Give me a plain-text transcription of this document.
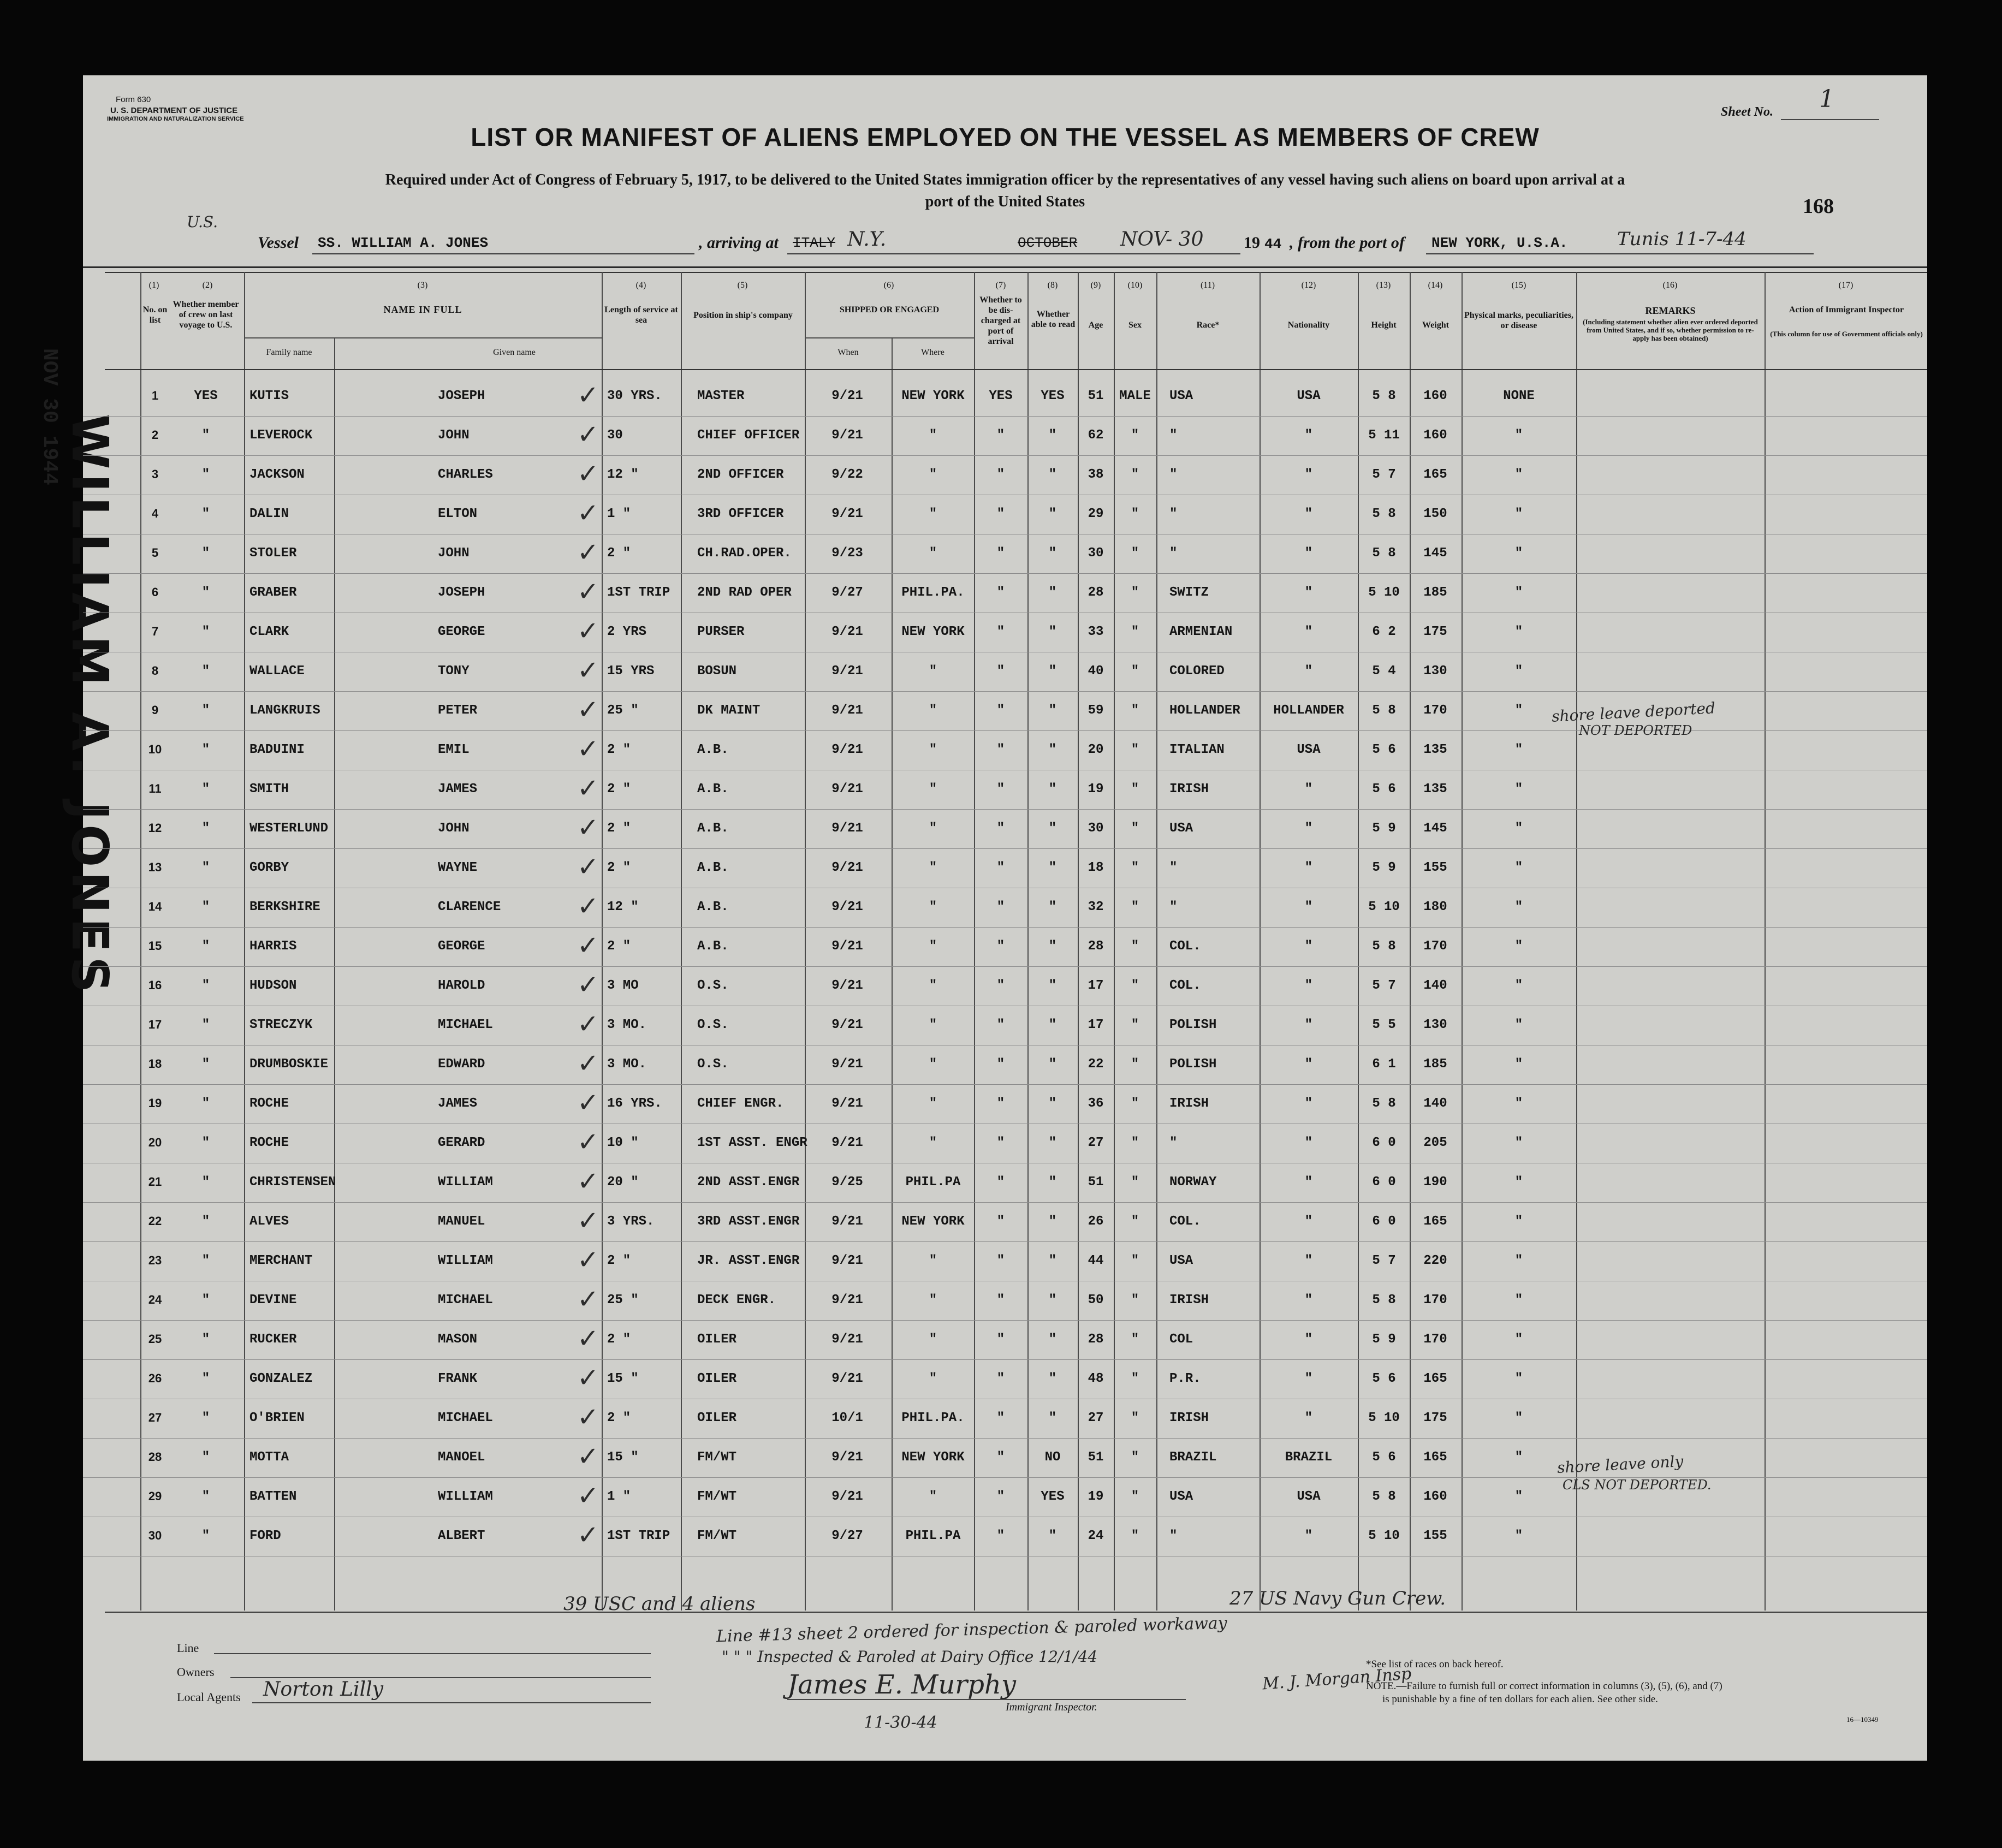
Form 630
U. S. DEPARTMENT OF JUSTICE
IMMIGRATION AND NATURALIZATION SERVICE	Sheet No. 1
LIST OR MANIFEST OF ALIENS EMPLOYED ON THE VESSEL AS MEMBERS OF CREW
Required under Act of Congress of February 5, 1917, to be delivered to the United States immigration officer by the representatives of any vessel having such aliens on board upon arrival at a
port of the United States	168
NOV 30 1944 WILLIAM A. JONES
U.S.
Vessel SS. WILLIAM A. JONES	, arriving at ITALY N.Y.	OCTOBER NOV- 30 19 44 , from the port of NEW YORK, U.S.A.	Tunis 11-7-44
(1)	(2)	(3)	(4)	(5)	(6)	(7)	(8)	(9)	(10)	(11)	(12)	(13)	(14)	(15)	(16)	(17)
No. on list
Whether member of crew on last voyage to U.S.
NAME IN FULL
Family name	Given name
Length of service at sea
Position in ship's company
SHIPPED OR ENGAGED
When	Where
Whether to be dis-charged at port of arrival
Whether able to read	Age	Sex	Race*	Nationality	Height	Weight
Physical marks, peculiarities, or disease
REMARKS
(Including statement whether alien ever ordered deported from United States, and if so, whether permission to re-apply has been obtained)
Action of Immigrant Inspector
(This column for use of Government officials only)
1	YES	KUTIS	JOSEPH	30 YRS.	MASTER	9/21	NEW YORK	YES	YES	51	MALE	USA	USA	5 8	160	NONE
✓
2	"	LEVEROCK	JOHN	30	CHIEF OFFICER	9/21	"	"	"	62	"	"	"	5 11	160	"
✓
3	"	JACKSON	CHARLES	12 "	2ND OFFICER	9/22	"	"	"	38	"	"	"	5 7	165	"
✓
4	"	DALIN	ELTON	1 "	3RD OFFICER	9/21	"	"	"	29	"	"	"	5 8	150	"
✓
5	"	STOLER	JOHN	2 "	CH.RAD.OPER.	9/23	"	"	"	30	"	"	"	5 8	145	"
✓
6	"	GRABER	JOSEPH	1ST TRIP 2ND RAD OPER	9/27	PHIL.PA.	"	"	28	"	SWITZ	"	5 10	185	"
✓
7	"	CLARK	GEORGE	2 YRS	PURSER	9/21	NEW YORK	"	"	33	"	ARMENIAN	"	6 2	175	"
✓
8	"	WALLACE	TONY	15 YRS	BOSUN	9/21	"	"	"	40	"	COLORED	"	5 4	130	"
✓
9	"	LANGKRUIS	PETER	25 "	DK MAINT	9/21	"	"	"	59	"	HOLLANDER	HOLLANDER	5 8	170	"
✓
10	"	BADUINI	EMIL	2 "	A.B.	9/21	"	"	"	20	"	ITALIAN	USA	5 6	135	"
✓
11	"	SMITH	JAMES	2 "	A.B.	9/21	"	"	"	19	"	IRISH	"	5 6	135	"
✓
12	"	WESTERLUND	JOHN	2 "	A.B.	9/21	"	"	"	30	"	USA	"	5 9	145	"
✓
13	"	GORBY	WAYNE	2 "	A.B.	9/21	"	"	"	18	"	"	"	5 9	155	"
✓
14	"	BERKSHIRE	CLARENCE	12 "	A.B.	9/21	"	"	"	32	"	"	"	5 10	180	"
✓
15	"	HARRIS	GEORGE	2 "	A.B.	9/21	"	"	"	28	"	COL.	"	5 8	170	"
✓
16	"	HUDSON	HAROLD	3 MO	O.S.	9/21	"	"	"	17	"	COL.	"	5 7	140	"
✓
17	"	STRECZYK	MICHAEL	3 MO.	O.S.	9/21	"	"	"	17	"	POLISH	"	5 5	130	"
✓
18	"	DRUMBOSKIE	EDWARD	3 MO.	O.S.	9/21	"	"	"	22	"	POLISH	"	6 1	185	"
✓
19	"	ROCHE	JAMES	16 YRS.	CHIEF ENGR.	9/21	"	"	"	36	"	IRISH	"	5 8	140	"
✓
20	"	ROCHE	GERARD	10 "	1ST ASST. ENGR	9/21	"	"	"	27	"	"	"	6 0	205	"
✓
21	"	CHRISTENSEN	WILLIAM	20 "	2ND ASST.ENGR	9/25	PHIL.PA	"	"	51	"	NORWAY	"	6 0	190	"
✓
22	"	ALVES	MANUEL	3 YRS.	3RD ASST.ENGR	9/21	NEW YORK	"	"	26	"	COL.	"	6 0	165	"
✓
23	"	MERCHANT	WILLIAM	2 "	JR. ASST.ENGR	9/21	"	"	"	44	"	USA	"	5 7	220	"
✓
24	"	DEVINE	MICHAEL	25 "	DECK ENGR.	9/21	"	"	"	50	"	IRISH	"	5 8	170	"
✓
25	"	RUCKER	MASON	2 "	OILER	9/21	"	"	"	28	"	COL	"	5 9	170	"
✓
26	"	GONZALEZ	FRANK	15 "	OILER	9/21	"	"	"	48	"	P.R.	"	5 6	165	"
✓
27	"	O'BRIEN	MICHAEL	2 "	OILER	10/1	PHIL.PA.	"	"	27	"	IRISH	"	5 10	175	"
✓
28	"	MOTTA	MANOEL	15 "	FM/WT	9/21	NEW YORK	"	NO	51	"	BRAZIL	BRAZIL	5 6	165	"
✓
29	"	BATTEN	WILLIAM	1 "	FM/WT	9/21	"	"	YES	19	"	USA	USA	5 8	160	"
✓
30	"	FORD	ALBERT	1ST TRIP FM/WT	9/27	PHIL.PA	"	"	24	"	"	"	5 10	155	"
✓
shore leave deported
NOT DEPORTED
shore leave only
CLS NOT DEPORTED.
39 USC and 4 aliens	27 US Navy Gun Crew.
Line #13 sheet 2 ordered for inspection & paroled workaway
" " " Inspected & Paroled at Dairy Office 12/1/44
James E. Murphy
11-30-44
M. J. Morgan Insp
Norton Lilly
Line
Owners
Local Agents
Immigrant Inspector.
*See list of races on back hereof.
NOTE.—Failure to furnish full or correct information in columns (3), (5), (6), and (7)
is punishable by a fine of ten dollars for each alien. See other side.
16—10349
